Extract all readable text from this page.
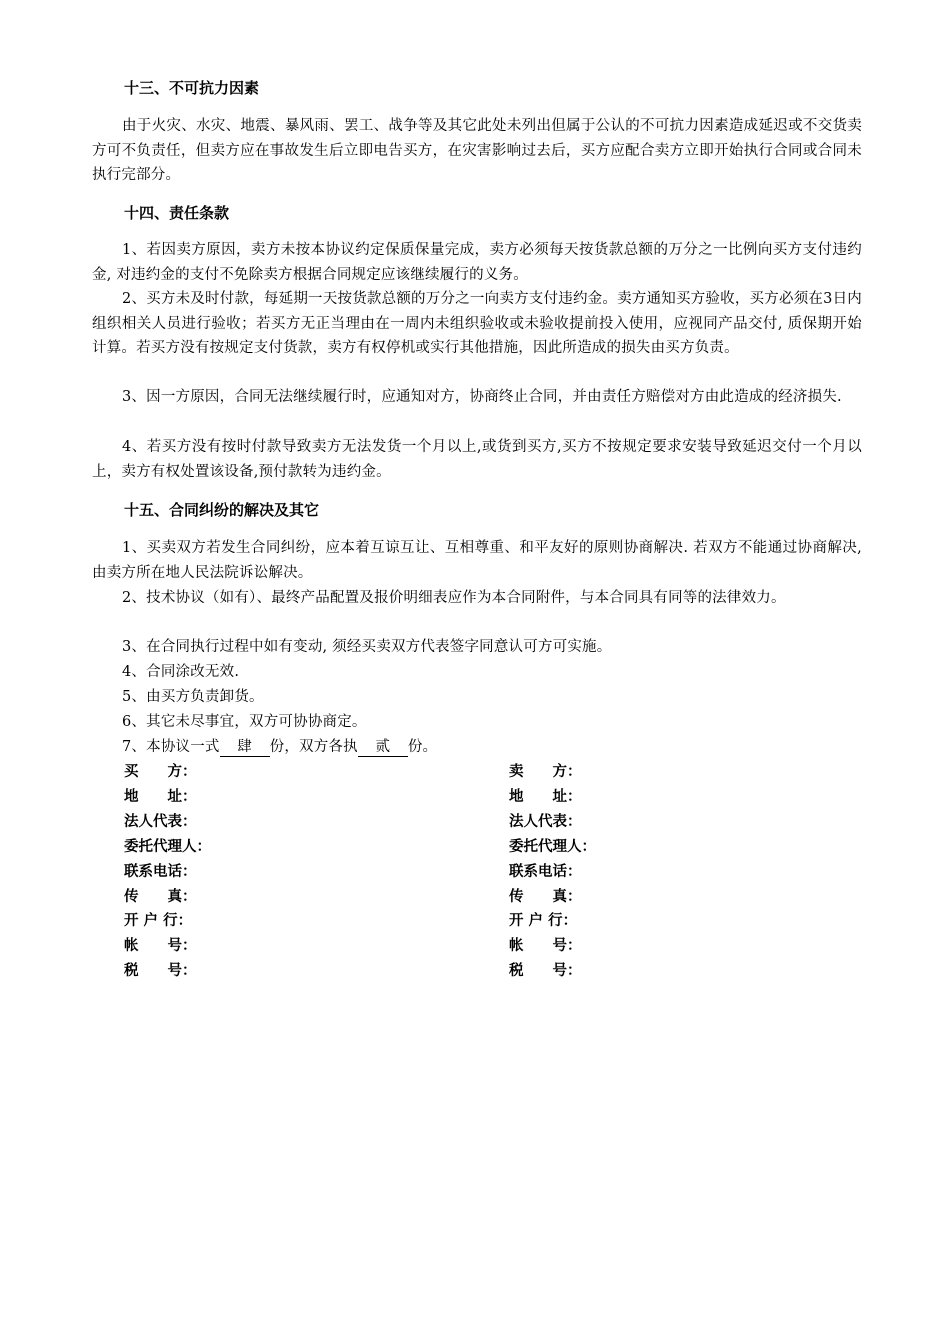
十三、不可抗力因素
由于火灾、水灾、地震、暴风雨、罢工、战争等及其它此处未列出但属于公认的不可抗力因素造成延迟或不交货卖方可不负责任，但卖方应在事故发生后立即电告买方，在灾害影响过去后，买方应配合卖方立即开始执行合同或合同未执行完部分。
十四、责任条款
1、若因卖方原因，卖方未按本协议约定保质保量完成，卖方必须每天按货款总额的万分之一比例向买方支付违约金, 对违约金的支付不免除卖方根据合同规定应该继续履行的义务。
2、买方未及时付款，每延期一天按货款总额的万分之一向卖方支付违约金。卖方通知买方验收，买方必须在3日内组织相关人员进行验收；若买方无正当理由在一周内未组织验收或未验收提前投入使用，应视同产品交付, 质保期开始计算。若买方没有按规定支付货款，卖方有权停机或实行其他措施，因此所造成的损失由买方负责。
3、因一方原因，合同无法继续履行时，应通知对方，协商终止合同，并由责任方赔偿对方由此造成的经济损失.
4、若买方没有按时付款导致卖方无法发货一个月以上,或货到买方,买方不按规定要求安装导致延迟交付一个月以上，卖方有权处置该设备,预付款转为违约金。
十五、合同纠纷的解决及其它
1、买卖双方若发生合同纠纷，应本着互谅互让、互相尊重、和平友好的原则协商解决. 若双方不能通过协商解决, 由卖方所在地人民法院诉讼解决。
2、技术协议（如有）、最终产品配置及报价明细表应作为本合同附件，与本合同具有同等的法律效力。
3、在合同执行过程中如有变动, 须经买卖双方代表签字同意认可方可实施。
4、合同涂改无效.
5、由买方负责卸货。
6、其它未尽事宜，双方可协协商定。
7、本协议一式 肆 份，双方各执 贰 份。
买　　方：
地　　址：
法人代表：
委托代理人：
联系电话：
传　　真：
开 户 行：
帐　　号：
税　　号：
卖　　方：
地　　址：
法人代表：
委托代理人：
联系电话：
传　　真：
开 户 行：
帐　　号：
税　　号：
